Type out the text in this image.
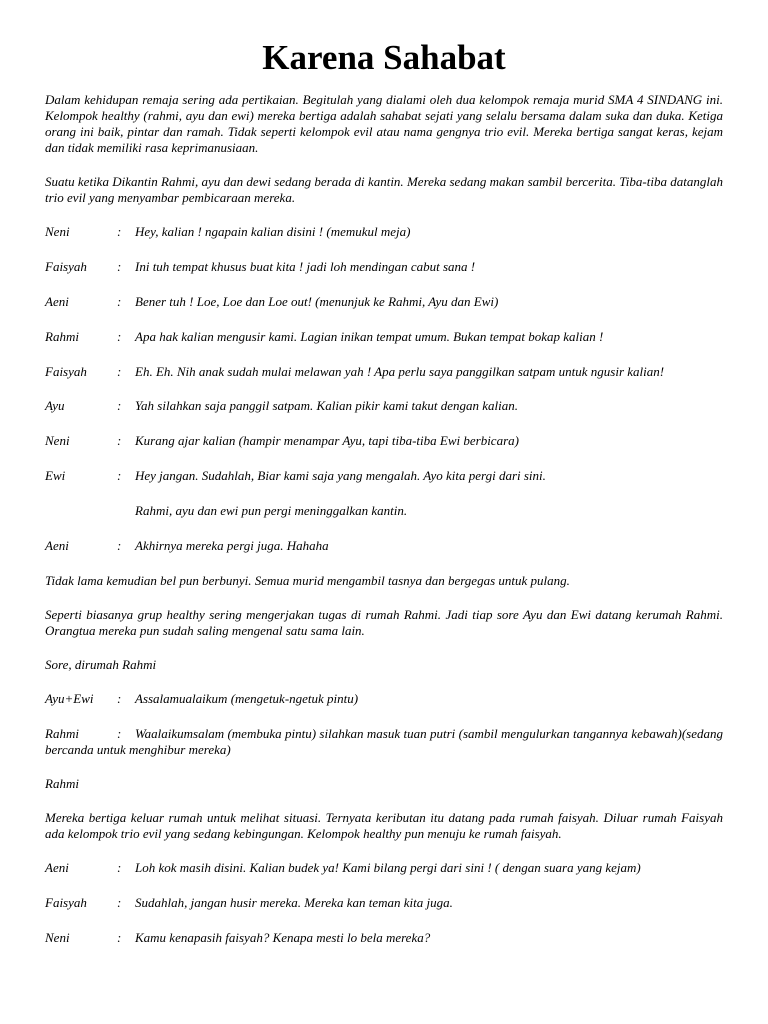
Karena Sahabat

Dalam kehidupan remaja sering ada pertikaian. Begitulah yang dialami oleh dua kelompok remaja murid SMA 4 SINDANG ini. Kelompok healthy (rahmi, ayu dan ewi) mereka bertiga adalah sahabat sejati yang selalu bersama dalam suka dan duka. Ketiga orang ini baik, pintar dan ramah. Tidak seperti kelompok evil atau nama gengnya trio evil. Mereka bertiga sangat keras, kejam dan tidak memiliki rasa keprimanusiaan.

Suatu ketika Dikantin Rahmi, ayu dan dewi sedang berada di kantin. Mereka sedang makan sambil bercerita. Tiba-tiba datanglah trio evil yang menyambar pembicaraan mereka.

Neni	:	Hey, kalian ! ngapain kalian disini ! (memukul meja)
Faisyah	:	Ini tuh tempat khusus buat kita ! jadi loh mendingan cabut sana !
Aeni	:	Bener tuh ! Loe, Loe dan Loe out! (menunjuk ke Rahmi, Ayu dan Ewi)
Rahmi	:	Apa hak kalian mengusir kami. Lagian inikan tempat umum. Bukan tempat bokap kalian !

Faisyah : Eh. Eh. Nih anak sudah mulai melawan yah ! Apa perlu saya panggilkan satpam untuk ngusir kalian!

Ayu	:	Yah silahkan saja panggil satpam. Kalian pikir kami takut dengan kalian.
Neni	:	Kurang ajar kalian (hampir menampar Ayu, tapi tiba-tiba Ewi berbicara)
Ewi	:	Hey jangan. Sudahlah, Biar kami saja yang mengalah. Ayo kita pergi dari sini.

Rahmi, ayu dan ewi pun pergi meninggalkan kantin.

Aeni	:	Akhirnya mereka pergi juga. Hahaha

Tidak lama kemudian bel pun berbunyi. Semua murid mengambil tasnya dan bergegas untuk pulang.

Seperti biasanya grup healthy sering mengerjakan tugas di rumah Rahmi. Jadi tiap sore Ayu dan Ewi datang kerumah Rahmi. Orangtua mereka pun sudah saling mengenal satu sama lain.

Sore, dirumah Rahmi

Ayu+Ewi	:	Assalamualaikum (mengetuk-ngetuk pintu)

Rahmi	: Waalaikumsalam (membuka pintu) silahkan masuk tuan putri (sambil mengulurkan tangannya kebawah)(sedang bercanda untuk menghibur mereka)

Rahmi

Mereka bertiga keluar rumah untuk melihat situasi. Ternyata keributan itu datang pada rumah faisyah. Diluar rumah Faisyah ada kelompok trio evil yang sedang kebingungan. Kelompok healthy pun menuju ke rumah faisyah.

Aeni	:	Loh kok masih disini. Kalian budek ya! Kami bilang pergi dari sini ! ( dengan suara yang kejam)
Faisyah	:	Sudahlah, jangan husir mereka. Mereka kan teman kita juga.
Neni	:	Kamu kenapasih faisyah? Kenapa mesti lo bela mereka?
